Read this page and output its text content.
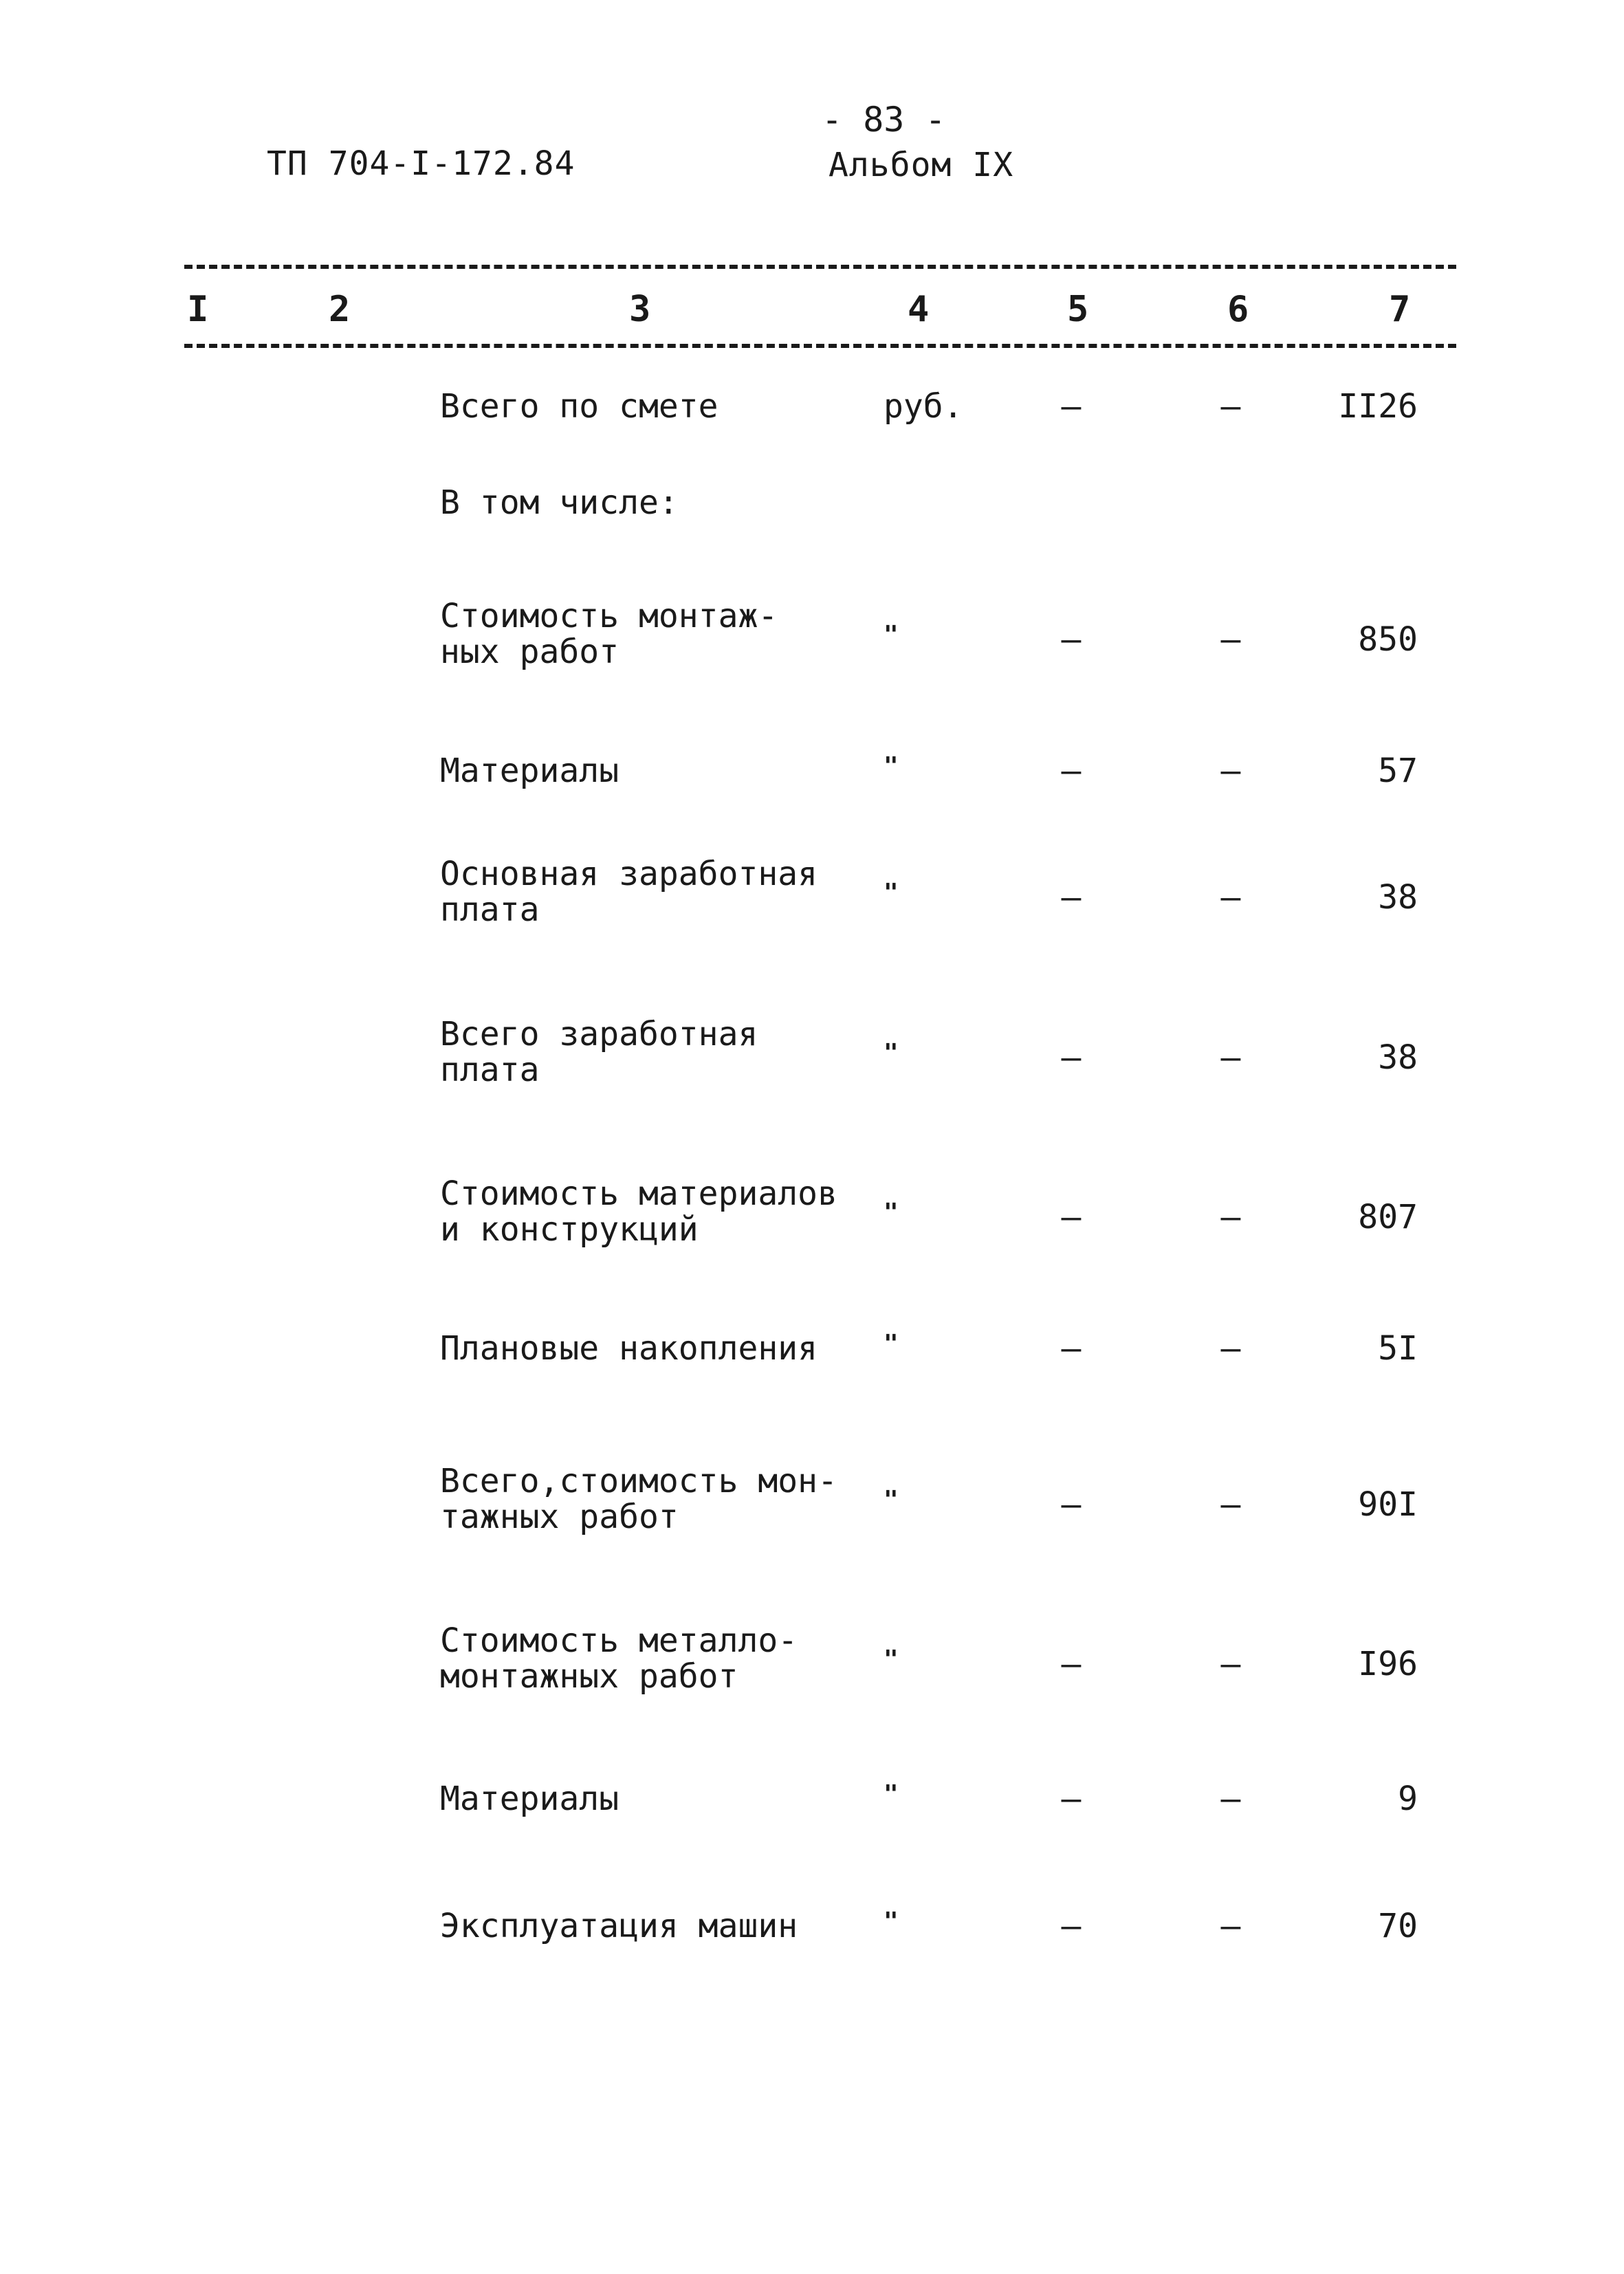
ТП 704-I-172.84
- 83 -
Альбом IX
I	2	3	4	5	6	7
Всего по смете	руб.	–	–	II26
В том числе:
Стоимость монтаж-
ных работ	"	–	–	850
Материалы	"	–	–	57
Основная заработная
плата	"	–	–	38
Всего заработная
плата	"	–	–	38
Стоимость материалов
и конструкций	"	–	–	807
Плановые накопления	"	–	–	5I
Всего,стоимость мон-
тажных работ	"	–	–	90I
Стоимость металло-
монтажных работ	"	–	–	I96
Материалы	"	–	–	9
Эксплуатация машин	"	–	–	70
